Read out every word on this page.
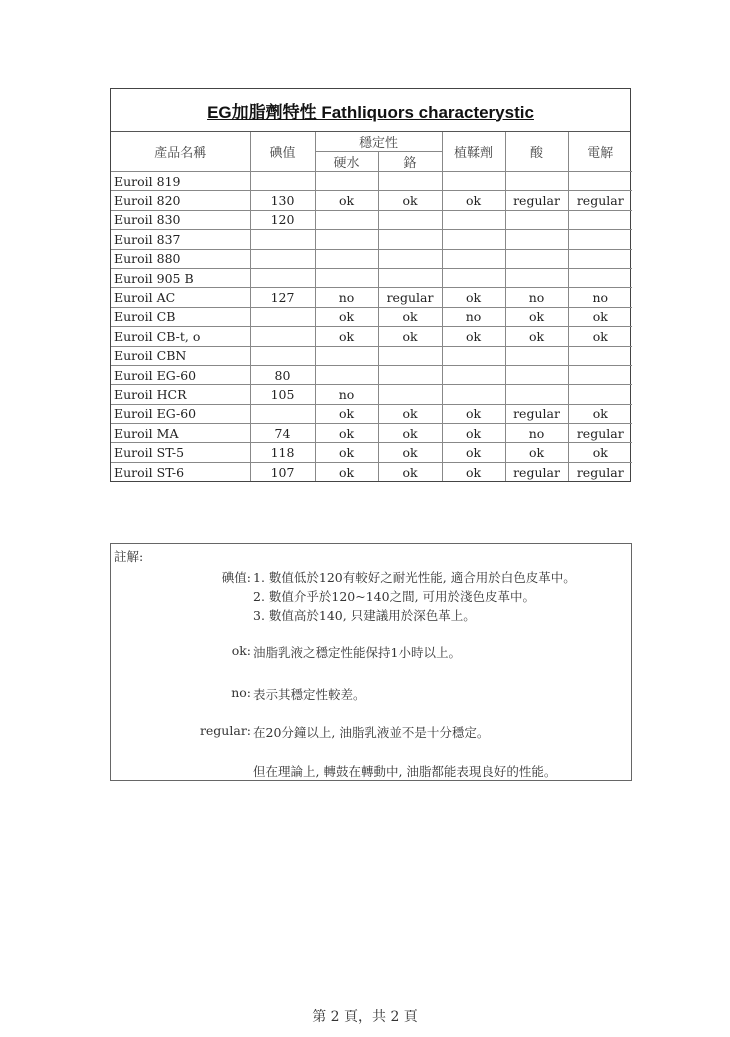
EG加脂劑特性 Fathliquors characterystic
產品名稱	碘值	穩定性		植鞣劑	酸	電解
		硬水	鉻			
Euroil 819						
Euroil 820	130	ok	ok	ok	regular	regular
Euroil 830	120					
Euroil 837						
Euroil 880						
Euroil 905 B						
Euroil AC	127	no	regular	ok	no	no
Euroil CB		ok	ok	no	ok	ok
Euroil CB-t, o		ok	ok	ok	ok	ok
Euroil CBN						
Euroil EG-60	80					
Euroil HCR	105	no				
Euroil EG-60		ok	ok	ok	regular	ok
Euroil MA	74	ok	ok	ok	no	regular
Euroil ST-5	118	ok	ok	ok	ok	ok
Euroil ST-6	107	ok	ok	ok	regular	regular
註解:
碘值: 1. 數值低於120有較好之耐光性能, 適合用於白色皮革中。
2. 數值介乎於120~140之間, 可用於淺色皮革中。
3. 數值高於140, 只建議用於深色革上。
ok: 油脂乳液之穩定性能保持1小時以上。
no: 表示其穩定性較差。
regular: 在20分鐘以上, 油脂乳液並不是十分穩定。
但在理論上, 轉鼓在轉動中, 油脂都能表現良好的性能。
第 2 頁，共 2 頁
